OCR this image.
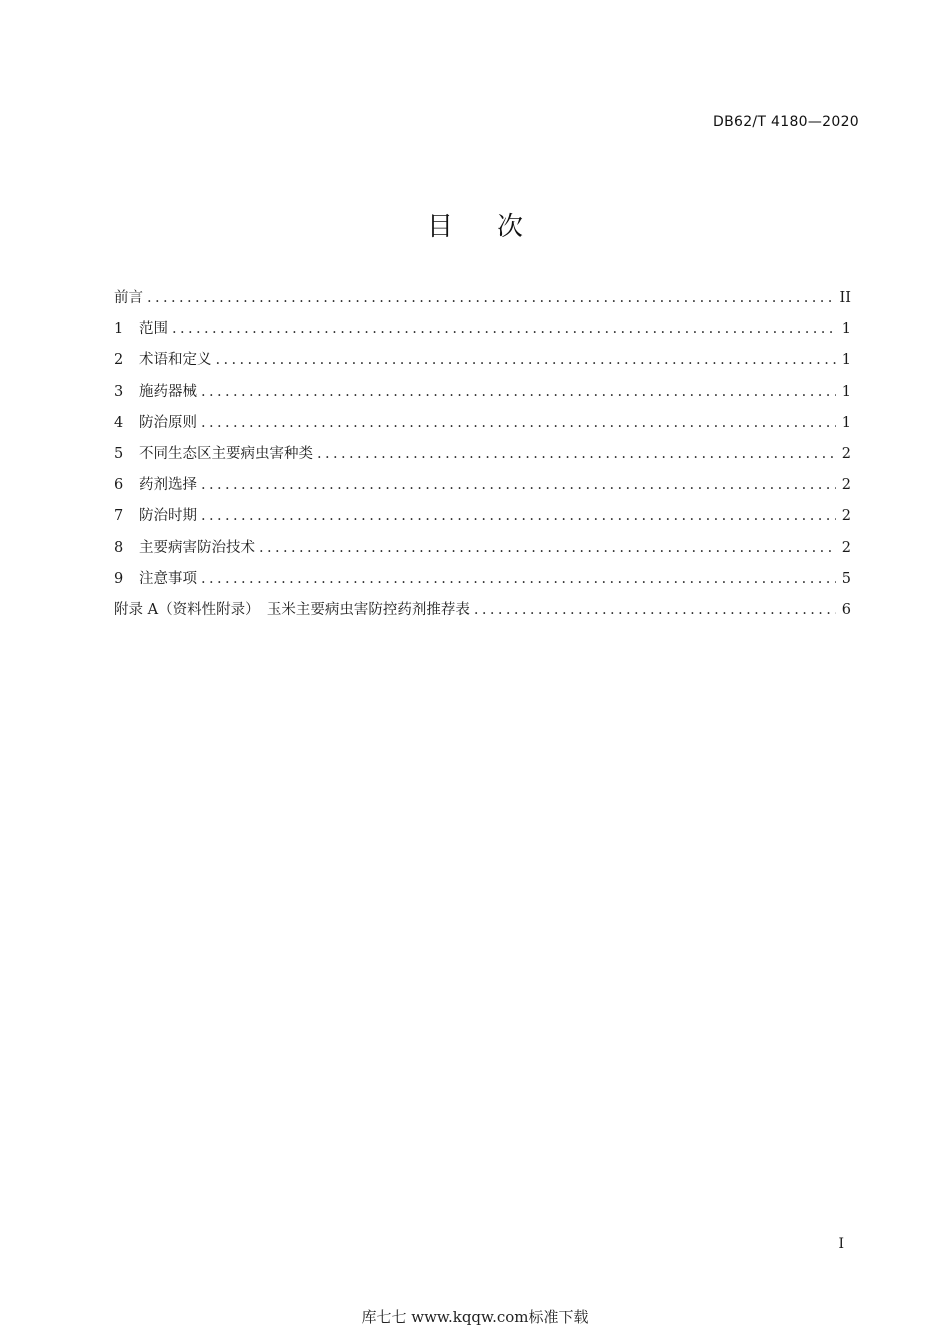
DB62/T 4180—2020
目次
前言 .....	II
1	范围 .....	1
2	术语和定义 .....	1
3	施药器械 .....	1
4	防治原则 .....	1
5	不同生态区主要病虫害种类 .....	2
6	药剂选择 .....	2
7	防治时期 .....	2
8	主要病害防治技术 .....	2
9	注意事项 .....	5
附录 A（资料性附录）　玉米主要病虫害防控药剂推荐表 .....	6
I
库七七 www.kqqw.com标准下载
